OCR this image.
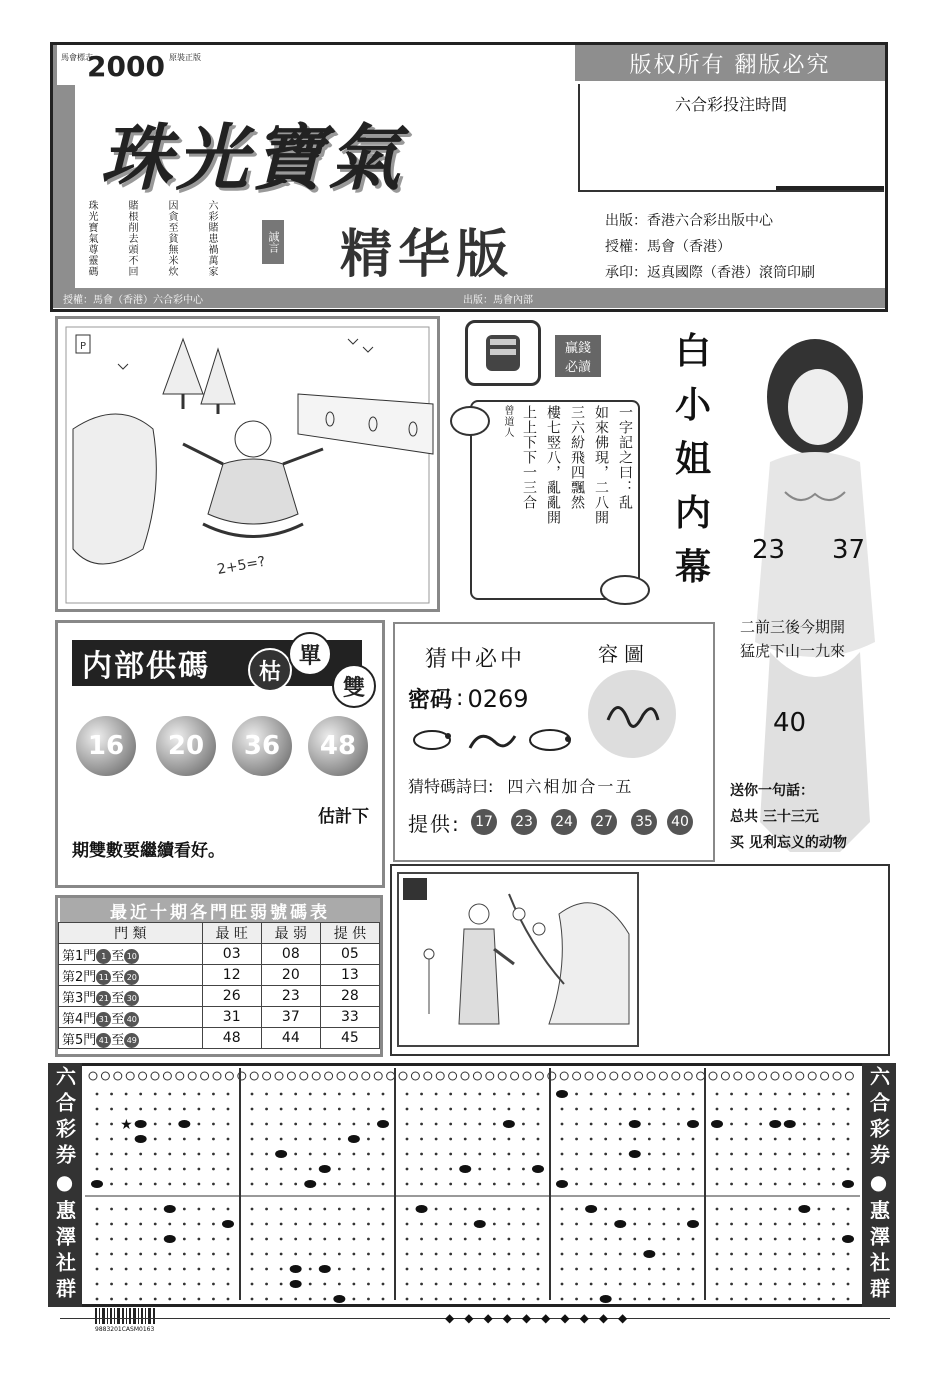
馬會標志
2000 原裝正版	版权所有 翻版必究
珠光寶氣
精华版
珠光寶氣尊靈碼	賭根削去頭不回	因貪至貧無米炊	六彩賭患禍萬家	誠言
六合彩投注時間
出版：香港六合彩出版中心
授權：馬會（香港）
承印：返真國際（香港）滾筒印刷
授權：馬會（香港）六合彩中心	出版：馬會內部
P
2+5=?
贏錢
必讀
一字記之曰：乱
如來佛現，二八開
三六紛飛四飄然
樓七竪八，亂亂開
上上下下一三合
曾道人
白
小
姐
内
幕 23 37
二前三後今期開
猛虎下山一九來
40
送你一句話：
总共 三十三元
买 见利忘义的动物
内部供碼	枯
單
雙
16	20	36	48
估計下
期雙數要繼續看好。
猜中必中	容圖
密码 : 0269
猜特碼詩曰: 四六相加合一五
提供: 17 23 24 27 35 40
最近十期各門旺弱號碼表
門 類	最 旺	最 弱	提 供
第1門 1 至 10	03	08	05
第2門 11 至 20	12	20	13
第3門 21 至 30	26	23	28
第4門 31 至 40	31	37	33
第5門 41 至 49	48	44	45
六合彩券●惠澤社群	六合彩券●惠澤社群
★
9883201CASM0163
◆◆◆◆◆◆◆◆◆◆
